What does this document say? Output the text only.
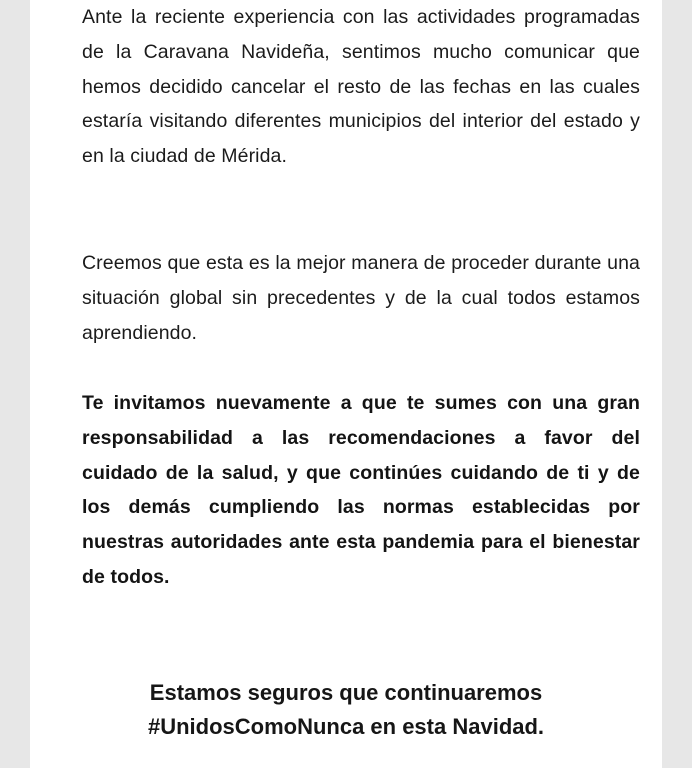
Ante la reciente experiencia con las actividades programadas de la Caravana Navideña, sentimos mucho comunicar que hemos decidido cancelar el resto de las fechas en las cuales estaría visitando diferentes municipios del interior del estado y en la ciudad de Mérida.

Creemos que esta es la mejor manera de proceder durante una situación global sin precedentes y de la cual todos estamos aprendiendo.

Te invitamos nuevamente a que te sumes con una gran responsabilidad a las recomendaciones a favor del cuidado de la salud, y que continúes cuidando de ti y de los demás cumpliendo las normas establecidas por nuestras autoridades ante esta pandemia para el bienestar de todos.

Estamos seguros que continuaremos
#UnidosComoNunca en esta Navidad.
